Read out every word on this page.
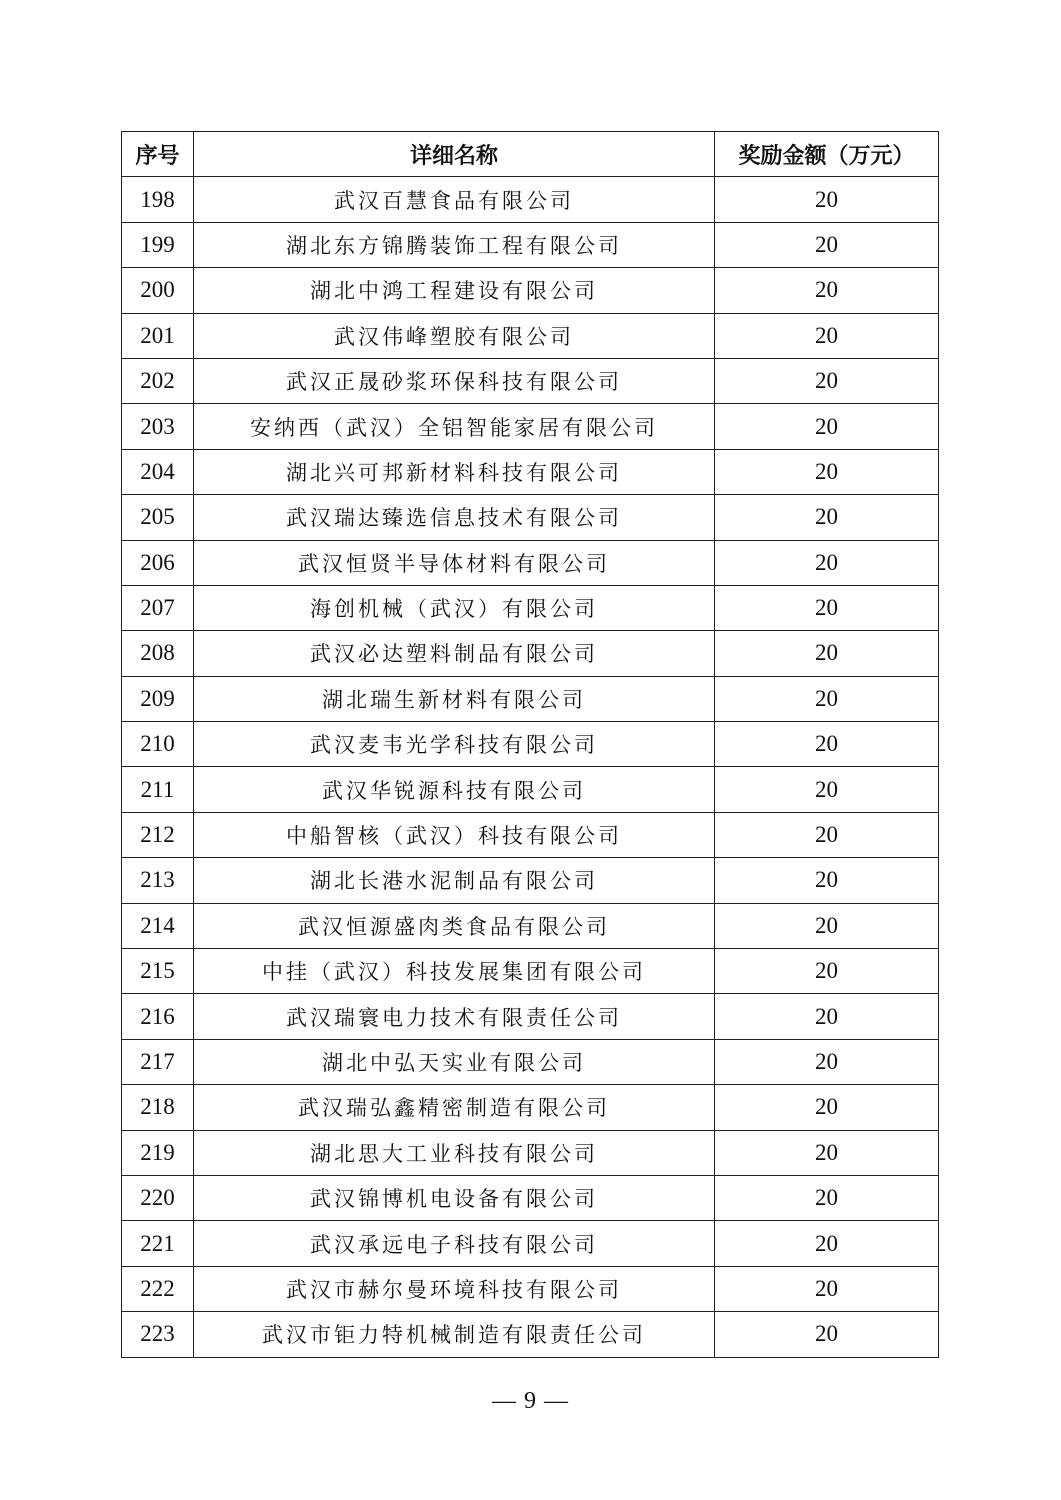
序号	详细名称	奖励金额（万元）
198	武汉百慧食品有限公司	20
199	湖北东方锦腾装饰工程有限公司	20
200	湖北中鸿工程建设有限公司	20
201	武汉伟峰塑胶有限公司	20
202	武汉正晟砂浆环保科技有限公司	20
203	安纳西（武汉）全铝智能家居有限公司	20
204	湖北兴可邦新材料科技有限公司	20
205	武汉瑞达臻选信息技术有限公司	20
206	武汉恒贤半导体材料有限公司	20
207	海创机械（武汉）有限公司	20
208	武汉必达塑料制品有限公司	20
209	湖北瑞生新材料有限公司	20
210	武汉麦韦光学科技有限公司	20
211	武汉华锐源科技有限公司	20
212	中船智核（武汉）科技有限公司	20
213	湖北长港水泥制品有限公司	20
214	武汉恒源盛肉类食品有限公司	20
215	中挂（武汉）科技发展集团有限公司	20
216	武汉瑞寰电力技术有限责任公司	20
217	湖北中弘天实业有限公司	20
218	武汉瑞弘鑫精密制造有限公司	20
219	湖北思大工业科技有限公司	20
220	武汉锦博机电设备有限公司	20
221	武汉承远电子科技有限公司	20
222	武汉市赫尔曼环境科技有限公司	20
223	武汉市钜力特机械制造有限责任公司	20
— 9 —
